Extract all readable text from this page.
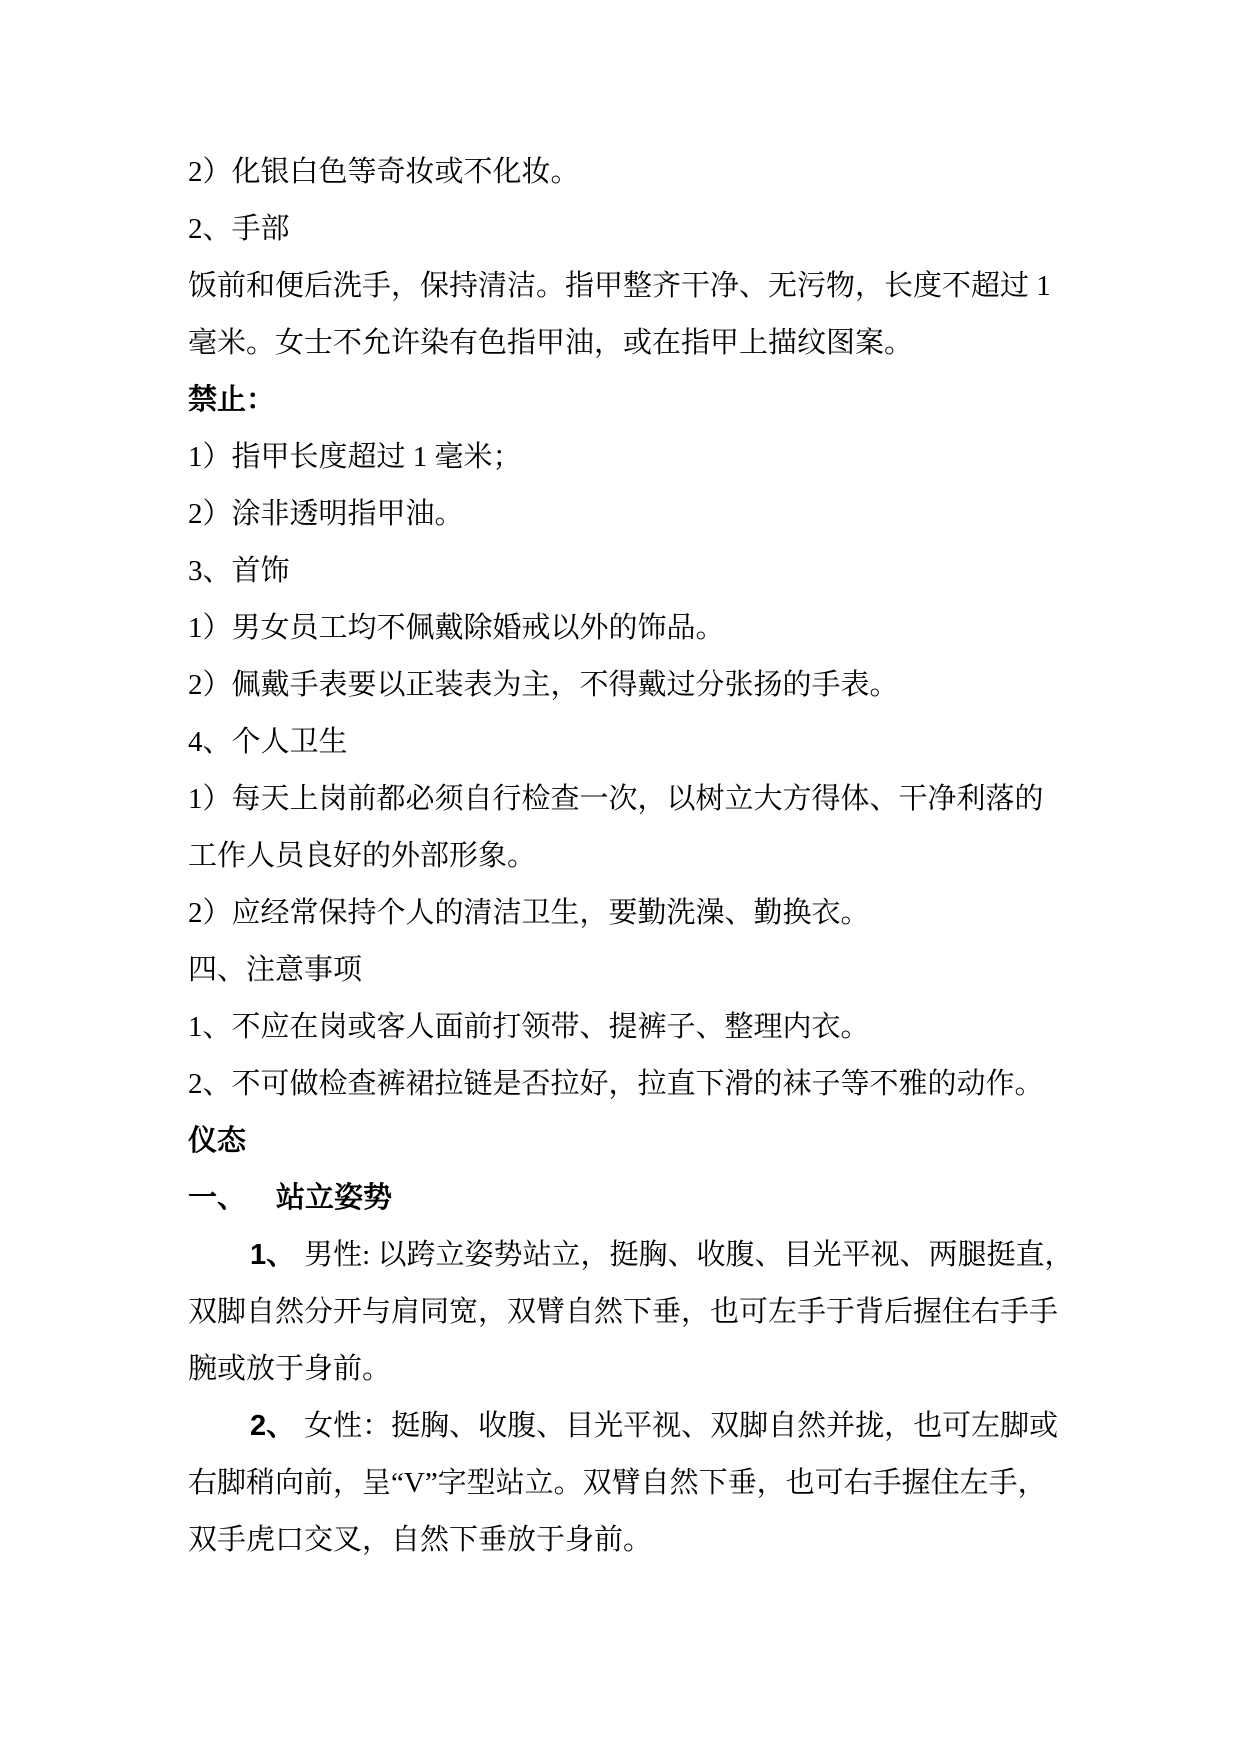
2）化银白色等奇妆或不化妆。
2、手部
饭前和便后洗手，保持清洁。指甲整齐干净、无污物，长度不超过 1
毫米。女士不允许染有色指甲油，或在指甲上描纹图案。
禁止：
1）指甲长度超过 1 毫米；
2）涂非透明指甲油。
3、首饰
1）男女员工均不佩戴除婚戒以外的饰品。
2）佩戴手表要以正装表为主，不得戴过分张扬的手表。
4、个人卫生
1）每天上岗前都必须自行检查一次，以树立大方得体、干净利落的
工作人员良好的外部形象。
2）应经常保持个人的清洁卫生，要勤洗澡、勤换衣。
四、注意事项
1、不应在岗或客人面前打领带、提裤子、整理内衣。
2、不可做检查裤裙拉链是否拉好，拉直下滑的袜子等不雅的动作。
仪态
一、 站立姿势
1、 男性: 以跨立姿势站立，挺胸、收腹、目光平视、两腿挺直，
双脚自然分开与肩同宽，双臂自然下垂，也可左手于背后握住右手手
腕或放于身前。
2、 女性：挺胸、收腹、目光平视、双脚自然并拢，也可左脚或
右脚稍向前，呈“V”字型站立。双臂自然下垂，也可右手握住左手，
双手虎口交叉，自然下垂放于身前。
